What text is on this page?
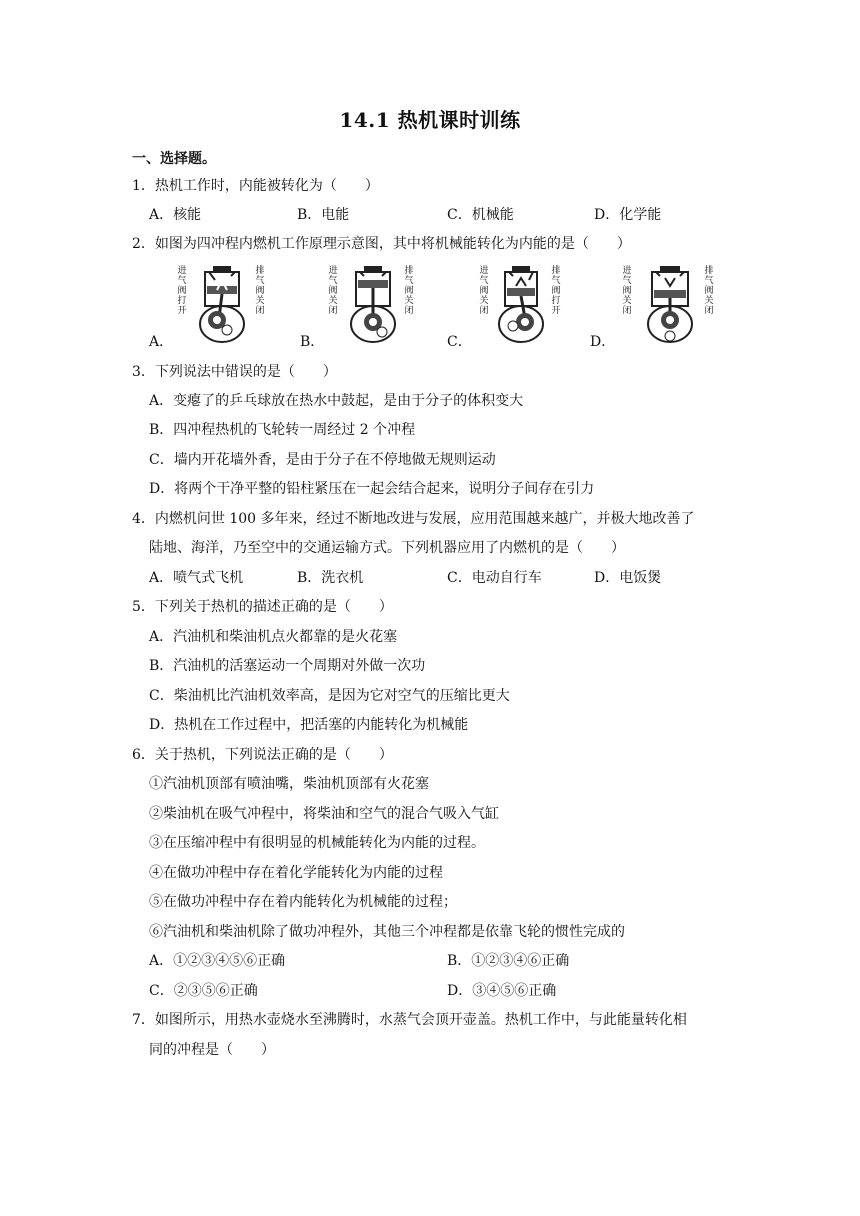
14.1 热机课时训练
一、选择题。
1．热机工作时，内能被转化为（　　）
A．核能	B．电能	C．机械能	D．化学能
2．如图为四冲程内燃机工作原理示意图，其中将机械能转化为内能的是（　　）
A．
进气阀打开
排气阀关闭
B．
进气阀关闭
排气阀关闭
C．
进气阀关闭
排气阀打开
D．
进气阀关闭
排气阀关闭
3．下列说法中错误的是（　　）
A．变瘪了的乒乓球放在热水中鼓起，是由于分子的体积变大
B．四冲程热机的飞轮转一周经过 2 个冲程
C．墙内开花墙外香，是由于分子在不停地做无规则运动
D．将两个干净平整的铅柱紧压在一起会结合起来，说明分子间存在引力
4．内燃机问世 100 多年来，经过不断地改进与发展，应用范围越来越广，并极大地改善了
陆地、海洋，乃至空中的交通运输方式。下列机器应用了内燃机的是（　　）
A．喷气式飞机	B．洗衣机	C．电动自行车	D．电饭煲
5．下列关于热机的描述正确的是（　　）
A．汽油机和柴油机点火都靠的是火花塞
B．汽油机的活塞运动一个周期对外做一次功
C．柴油机比汽油机效率高，是因为它对空气的压缩比更大
D．热机在工作过程中，把活塞的内能转化为机械能
6．关于热机，下列说法正确的是（　　）
①汽油机顶部有喷油嘴，柴油机顶部有火花塞
②柴油机在吸气冲程中，将柴油和空气的混合气吸入气缸
③在压缩冲程中有很明显的机械能转化为内能的过程。
④在做功冲程中存在着化学能转化为内能的过程
⑤在做功冲程中存在着内能转化为机械能的过程；
⑥汽油机和柴油机除了做功冲程外，其他三个冲程都是依靠飞轮的惯性完成的
A．①②③④⑤⑥正确	B．①②③④⑥正确
C．②③⑤⑥正确	D．③④⑤⑥正确
7．如图所示，用热水壶烧水至沸腾时，水蒸气会顶开壶盖。热机工作中，与此能量转化相
同的冲程是（　　）
